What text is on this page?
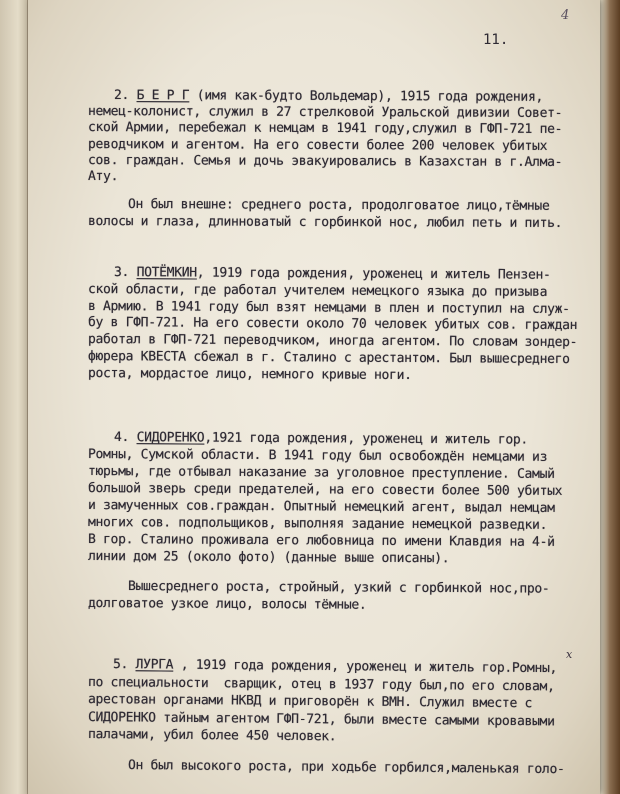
11.
4
x
2. Б Е Р Г (имя как-будто Вольдемар), 1915 года рождения,
немец-колонист, служил в 27 стрелковой Уральской дивизии Совет-
ской Армии, перебежал к немцам в 1941 году,служил в ГФП-721 пе-
реводчиком и агентом. На его совести более 200 человек убитых
сов. граждан. Семья и дочь эвакуировались в Казахстан в г.Алма-
Ату.
Он был внешне: среднего роста, продолговатое лицо,тёмные
волосы и глаза, длинноватый с горбинкой нос, любил петь и пить.
3. ПОТЁМКИН, 1919 года рождения, уроженец и житель Пензен-
ской области, где работал учителем немецкого языка до призыва
в Армию. В 1941 году был взят немцами в плен и поступил на служ-
бу в ГФП-721. На его совести около 70 человек убитых сов. граждан
работал в ГФП-721 переводчиком, иногда агентом. По словам зондер-
фюрера КВЕСТА сбежал в г. Сталино с арестантом. Был вышесреднего
роста, мордастое лицо, немного кривые ноги.
4. СИДОРЕНКО,1921 года рождения, уроженец и житель гор.
Ромны, Сумской области. В 1941 году был освобождён немцами из
тюрьмы, где отбывал наказание за уголовное преступление. Самый
большой зверь среди предателей, на его совести более 500 убитых
и замученных сов.граждан. Опытный немецкий агент, выдал немцам
многих сов. подпольщиков, выполняя задание немецкой разведки.
В гор. Сталино проживала его любовница по имени Клавдия на 4-й
линии дом 25 (около фото) (данные выше описаны).
Вышесреднего роста, стройный, узкий с горбинкой нос,про-
долговатое узкое лицо, волосы тёмные.
5. ЛУРГА , 1919 года рождения, уроженец и житель гор.Ромны,
по специальности  сварщик, отец в 1937 году был,по его словам,
арестован органами НКВД и приговорён к ВМН. Служил вместе с
СИДОРЕНКО тайным агентом ГФП-721, были вместе самыми кровавыми
палачами, убил более 450 человек.
Он был высокого роста, при ходьбе горбился,маленькая голо-
